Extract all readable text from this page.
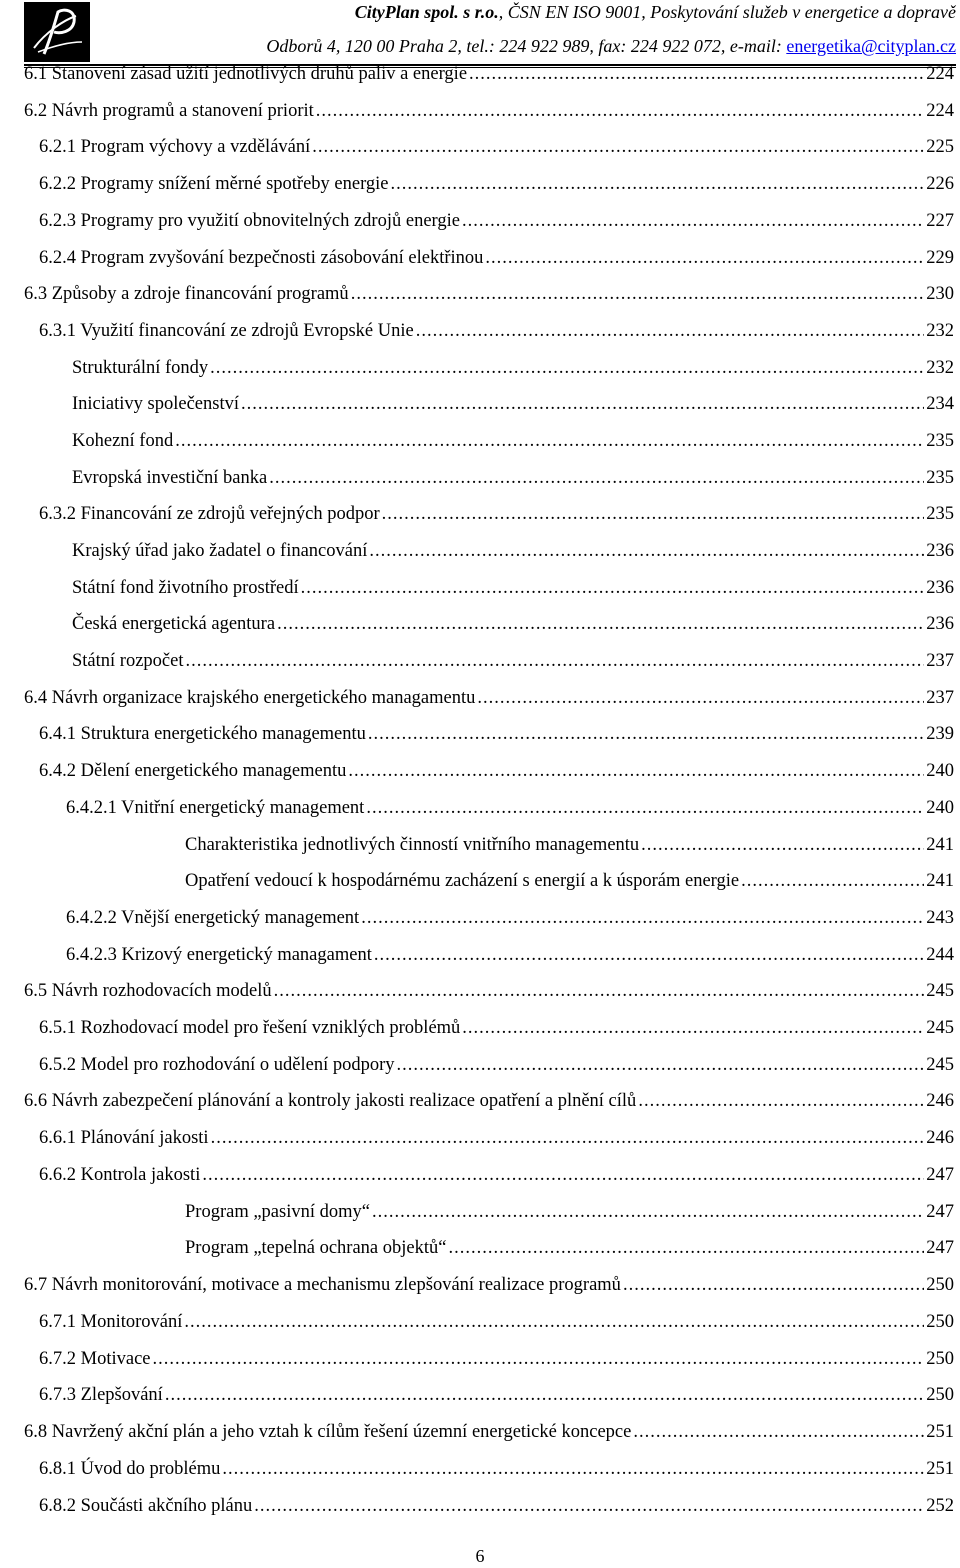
CityPlan spol. s r.o., ČSN EN ISO 9001, Poskytování služeb v energetice a dopravě
Odborů 4, 120 00 Praha 2, tel.: 224 922 989, fax: 224 922 072, e-mail: energetika@cityplan.cz
6.1 Stanovení zásad užití jednotlivých druhů paliv a energie .....	224
6.2 Návrh programů a stanovení priorit .....	224
6.2.1 Program výchovy a vzdělávání .....	225
6.2.2 Programy snížení měrné spotřeby energie .....	226
6.2.3 Programy pro využití obnovitelných zdrojů energie .....	227
6.2.4 Program zvyšování bezpečnosti zásobování elektřinou .....	229
6.3 Způsoby a zdroje financování programů .....	230
6.3.1 Využití financování ze zdrojů Evropské Unie .....	232
Strukturální fondy .....	232
Iniciativy společenství .....	234
Kohezní fond .....	235
Evropská investiční banka .....	235
6.3.2 Financování ze zdrojů veřejných podpor .....	235
Krajský úřad jako žadatel o financování .....	236
Státní fond životního prostředí .....	236
Česká energetická agentura .....	236
Státní rozpočet .....	237
6.4 Návrh organizace krajského energetického managamentu .....	237
6.4.1 Struktura energetického managementu .....	239
6.4.2 Dělení energetického managementu .....	240
6.4.2.1 Vnitřní energetický management .....	240
Charakteristika jednotlivých činností vnitřního managementu .....	241
Opatření vedoucí k hospodárnému zacházení s energií a k úsporám energie .....	241
6.4.2.2 Vnější energetický management .....	243
6.4.2.3 Krizový energetický managament .....	244
6.5 Návrh rozhodovacích modelů .....	245
6.5.1 Rozhodovací model pro řešení vzniklých problémů .....	245
6.5.2 Model pro rozhodování o udělení podpory .....	245
6.6 Návrh zabezpečení plánování a kontroly jakosti realizace opatření a plnění cílů .....	246
6.6.1 Plánování jakosti .....	246
6.6.2 Kontrola jakosti .....	247
Program „pasivní domy“ .....	247
Program „tepelná ochrana objektů“ .....	247
6.7 Návrh monitorování, motivace a mechanismu zlepšování realizace programů .....	250
6.7.1 Monitorování .....	250
6.7.2 Motivace .....	250
6.7.3 Zlepšování .....	250
6.8 Navržený akční plán a jeho vztah k cílům řešení územní energetické koncepce .....	251
6.8.1 Úvod do problému .....	251
6.8.2 Součásti akčního plánu .....	252
6
